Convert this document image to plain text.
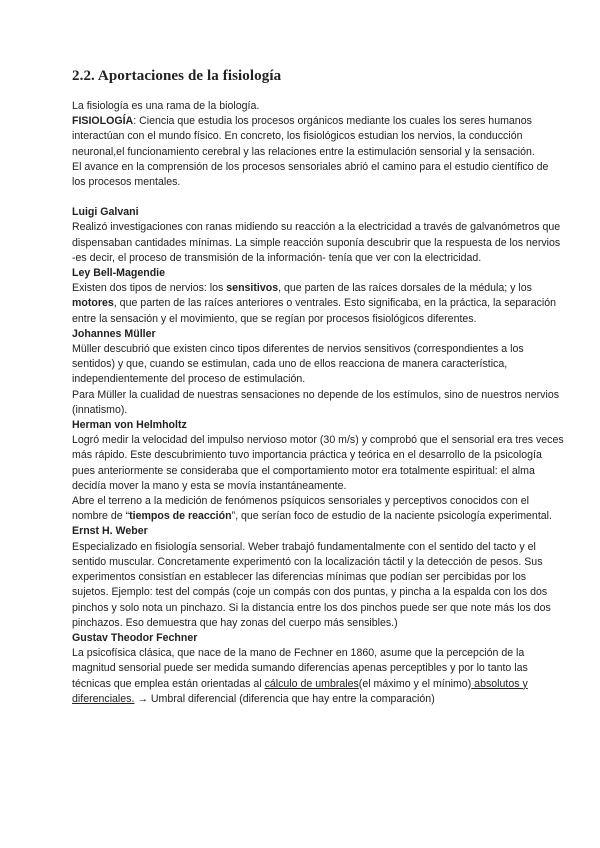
2.2. Aportaciones de la fisiología

La fisiología es una rama de la biología.

FISIOLOGÍA: Ciencia que estudia los procesos orgánicos mediante los cuales los seres humanos interactúan con el mundo físico. En concreto, los fisiológicos estudian los nervios, la conducción neuronal,el funcionamiento cerebral y las relaciones entre la estimulación sensorial y la sensación.

El avance en la comprensión de los procesos sensoriales abrió el camino para el estudio científico de los procesos mentales.

Luigi Galvani

Realizó investigaciones con ranas midiendo su reacción a la electricidad a través de galvanómetros que dispensaban cantidades mínimas. La simple reacción suponía descubrir que la respuesta de los nervios -es decir, el proceso de transmisión de la información- tenía que ver con la electricidad.

Ley Bell-Magendie

Existen dos tipos de nervios: los sensitivos, que parten de las raíces dorsales de la médula; y los motores, que parten de las raíces anteriores o ventrales. Esto significaba, en la práctica, la separación entre la sensación y el movimiento, que se regían por procesos fisiológicos diferentes.

Johannes Müller

Müller descubrió que existen cinco tipos diferentes de nervios sensitivos (correspondientes a los sentidos) y que, cuando se estimulan, cada uno de ellos reacciona de manera característica, independientemente del proceso de estimulación.

Para Müller la cualidad de nuestras sensaciones no depende de los estímulos, sino de nuestros nervios (innatismo).

Herman von Helmholtz

Logró medir la velocidad del impulso nervioso motor (30 m/s) y comprobó que el sensorial era tres veces más rápido. Este descubrimiento tuvo importancia práctica y teórica en el desarrollo de la psicología pues anteriormente se consideraba que el comportamiento motor era totalmente espiritual: el alma decidía mover la mano y esta se movía instantáneamente.

Abre el terreno a la medición de fenómenos psíquicos sensoriales y perceptivos conocidos con el nombre de “tiempos de reacción”, que serían foco de estudio de la naciente psicología experimental.

Ernst H. Weber

Especializado en fisiología sensorial. Weber trabajó fundamentalmente con el sentido del tacto y el sentido muscular. Concretamente experimentó con la localización táctil y la detección de pesos. Sus experimentos consistían en establecer las diferencias mínimas que podían ser percibidas por los sujetos. Ejemplo: test del compás (coje un compás con dos puntas, y pincha a la espalda con los dos pinchos y solo nota un pinchazo. Si la distancia entre los dos pinchos puede ser que note más los dos pinchazos. Eso demuestra que hay zonas del cuerpo más sensibles.)

Gustav Theodor Fechner

La psicofísica clásica, que nace de la mano de Fechner en 1860, asume que la percepción de la magnitud sensorial puede ser medida sumando diferencias apenas perceptibles y por lo tanto las técnicas que emplea están orientadas al cálculo de umbrales(el máximo y el mínimo) absolutos y diferenciales. → Umbral diferencial (diferencia que hay entre la comparación)
